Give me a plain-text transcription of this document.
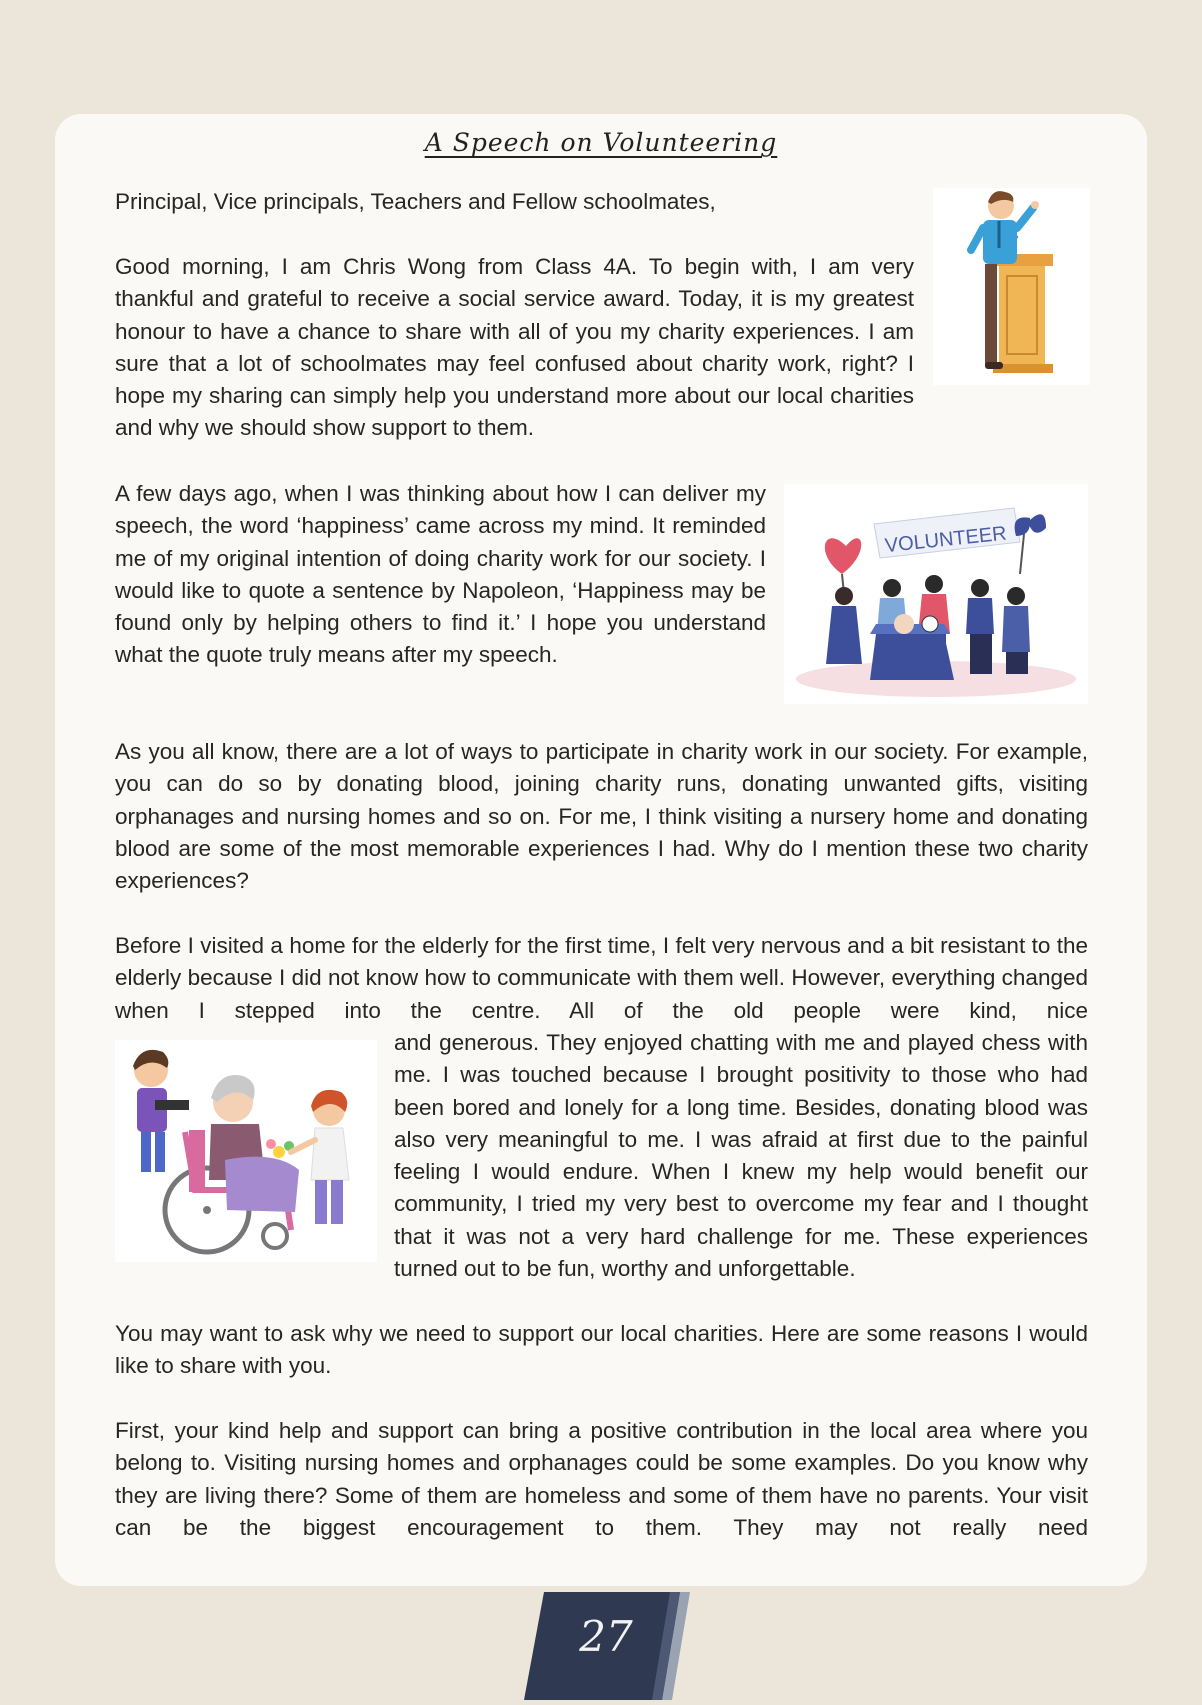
A Speech on Volunteering

Principal, Vice principals, Teachers and Fellow schoolmates,

Good morning, I am Chris Wong from Class 4A. To begin with, I am very thankful and grateful to receive a social service award. Today, it is my greatest honour to have a chance to share with all of you my charity experiences. I am sure that a lot of schoolmates may feel confused about charity work, right? I hope my sharing can simply help you understand more about our local charities and why we should show support to them.

A few days ago, when I was thinking about how I can deliver my speech, the word ‘happiness’ came across my mind. It reminded me of my original intention of doing charity work for our society. I would like to quote a sentence by Napoleon, ‘Happiness may be found only by helping others to find it.’ I hope you understand what the quote truly means after my speech.

VOLUNTEER

As you all know, there are a lot of ways to participate in charity work in our society. For example, you can do so by donating blood, joining charity runs, donating unwanted gifts, visiting orphanages and nursing homes and so on. For me, I think visiting a nursery home and donating blood are some of the most memorable experiences I had. Why do I mention these two charity experiences?

Before I visited a home for the elderly for the first time, I felt very nervous and a bit resistant to the elderly because I did not know how to communicate with them well. However, everything changed when I stepped into the centre. All of the old people were kind, nice

and generous. They enjoyed chatting with me and played chess with me. I was touched because I brought positivity to those who had been bored and lonely for a long time. Besides, donating blood was also very meaningful to me. I was afraid at first due to the painful feeling I would endure. When I knew my help would benefit our community, I tried my very best to overcome my fear and I thought that it was not a very hard challenge for me. These experiences turned out to be fun, worthy and unforgettable.

You may want to ask why we need to support our local charities. Here are some reasons I would like to share with you.

First, your kind help and support can bring a positive contribution in the local area where you belong to. Visiting nursing homes and orphanages could be some examples. Do you know why they are living there? Some of them are homeless and some of them have no parents. Your visit can be the biggest encouragement to them. They may not really need

27
